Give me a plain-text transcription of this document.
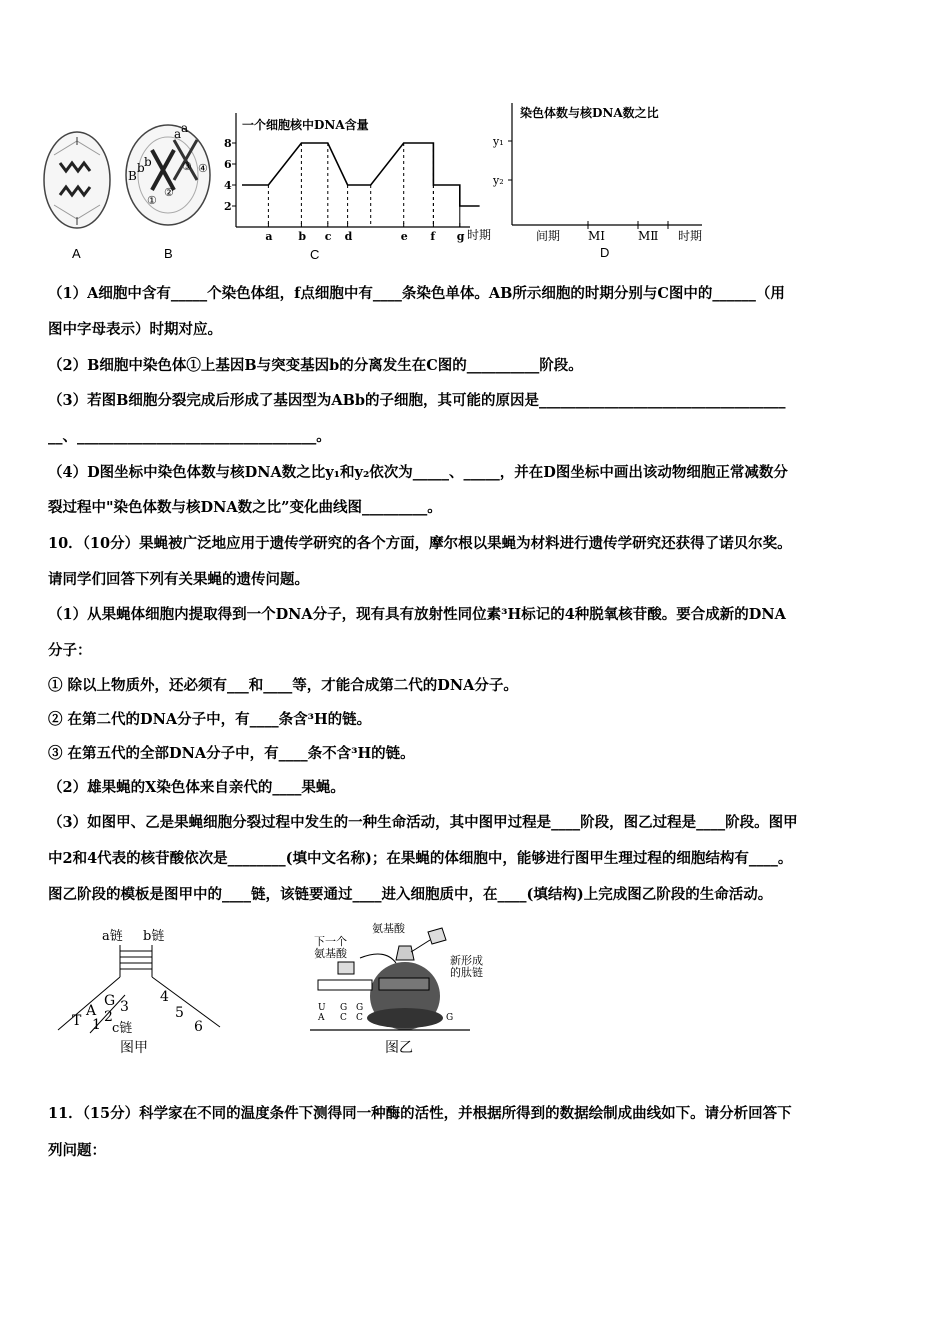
A
B
b b
a a
①
②
③ ④
B
一个细胞核中DNA含量
时期
C
2
4
6
8
a b c d	e f g
染色体数与核DNA数之比
时期
D
y₁
y₂
间期 MⅠ	MⅡ
（1）A细胞中含有_____个染色体组，f点细胞中有____条染色单体。AB所示细胞的时期分别与C图中的______（用
图中字母表示）时期对应。
（2）B细胞中染色体①上基因B与突变基因b的分离发生在C图的__________阶段。
（3）若图B细胞分裂完成后形成了基因型为ABb的子细胞，其可能的原因是__________________________________
__、_________________________________。
（4）D图坐标中染色体数与核DNA数之比y₁和y₂依次为_____、_____，并在D图坐标中画出该动物细胞正常减数分
裂过程中"染色体数与核DNA数之比”变化曲线图_________。
10．（10分）果蝇被广泛地应用于遗传学研究的各个方面，摩尔根以果蝇为材料进行遗传学研究还获得了诺贝尔奖。
请同学们回答下列有关果蝇的遗传问题。
（1）从果蝇体细胞内提取得到一个DNA分子，现有具有放射性同位素³H标记的4种脱氧核苷酸。要合成新的DNA
分子：
① 除以上物质外，还必须有___和____等，才能合成第二代的DNA分子。
② 在第二代的DNA分子中，有____条含³H的链。
③ 在第五代的全部DNA分子中，有____条不含³H的链。
（2）雄果蝇的X染色体来自亲代的____果蝇。
（3）如图甲、乙是果蝇细胞分裂过程中发生的一种生命活动，其中图甲过程是____阶段，图乙过程是____阶段。图甲
中2和4代表的核苷酸依次是________(填中文名称)；在果蝇的体细胞中，能够进行图甲生理过程的细胞结构有____。
图乙阶段的模板是图甲中的____链，该链要通过____进入细胞质中，在____(填结构)上完成图乙阶段的生命活动。
a链 b链
T
A
G
1 2
3
4
5
6
c链
图甲
氨基酸
下一个
氨基酸
新形成
的肽链
U
A
G
C
G
C	G
图乙
11．（15分）科学家在不同的温度条件下测得同一种酶的活性，并根据所得到的数据绘制成曲线如下。请分析回答下
列问题：
